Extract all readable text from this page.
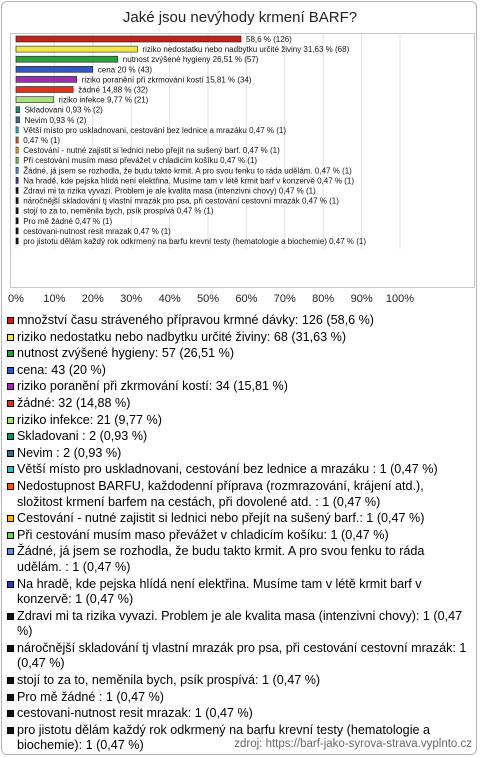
Jaké jsou nevýhody krmení BARF?
0% 10% 20% 30% 40% 50% 60% 70% 80% 90% 100%
58,6 % (126)
riziko nedostatku nebo nadbytku určité živiny 31,63 % (68)
nutnost zvýšené hygieny 26,51 % (57)
cena 20 % (43)
riziko poranění při zkrmování kostí 15,81 % (34)
žádné 14,88 % (32)
riziko infekce 9,77 % (21)
Skladovani 0,93 % (2)
Nevim 0,93 % (2)
Větší místo pro uskladnovani, cestování bez lednice a mrazáku 0,47 % (1)
0,47 % (1)
Cestování - nutné zajistit si lednici nebo přejít na sušený barf. 0,47 % (1)
Při cestování musím maso převážet v chladicím košíku 0,47 % (1)
Žádné, já jsem se rozhodla, že budu takto krmit. A pro svou fenku to ráda udělám. 0,47 % (1)
Na hradě, kde pejska hlídá není elektřina. Musíme tam v létě krmit barf v konzervě 0,47 % (1)
Zdravi mi ta rizika vyvazi. Problem je ale kvalita masa (intenzivni chovy) 0,47 % (1)
náročnější skladování tj vlastní mrazák pro psa, při cestování cestovní mrazák 0,47 % (1)
stojí to za to, neměnila bych, psík prospívá 0,47 % (1)
Pro mě žádné 0,47 % (1)
cestovani-nutnost resit mrazak 0,47 % (1)
pro jistotu dělám každý rok odkrmený na barfu krevní testy (hematologie a biochemie) 0,47 % (1)
množství času stráveného přípravou krmné dávky: 126 (58,6 %)
riziko nedostatku nebo nadbytku určité živiny: 68 (31,63 %)
nutnost zvýšené hygieny: 57 (26,51 %)
cena: 43 (20 %)
riziko poranění při zkrmování kostí: 34 (15,81 %)
žádné: 32 (14,88 %)
riziko infekce: 21 (9,77 %)
Skladovani : 2 (0,93 %)
Nevim : 2 (0,93 %)
Větší místo pro uskladnovani, cestování bez lednice a mrazáku : 1 (0,47 %)
Nedostupnost BARFU, každodenní příprava (rozmrazování, krájení atd.), složitost krmení barfem na cestách, při dovolené atd. : 1 (0,47 %)
Cestování - nutné zajistit si lednici nebo přejít na sušený barf.: 1 (0,47 %)
Při cestování musím maso převážet v chladicím košíku: 1 (0,47 %)
Žádné, já jsem se rozhodla, že budu takto krmit. A pro svou fenku to ráda udělám. : 1 (0,47 %)
Na hradě, kde pejska hlídá není elektřina. Musíme tam v létě krmit barf v konzervě: 1 (0,47 %)
Zdravi mi ta rizika vyvazi. Problem je ale kvalita masa (intenzivni chovy): 1 (0,47 %)
náročnější skladování tj vlastní mrazák pro psa, při cestování cestovní mrazák: 1 (0,47 %)
stojí to za to, neměnila bych, psík prospívá: 1 (0,47 %)
Pro mě žádné : 1 (0,47 %)
cestovani-nutnost resit mrazak: 1 (0,47 %)
pro jistotu dělám každý rok odkrmený na barfu krevní testy (hematologie a biochemie): 1 (0,47 %)	zdroj: https://barf-jako-syrova-strava.vyplnto.cz
